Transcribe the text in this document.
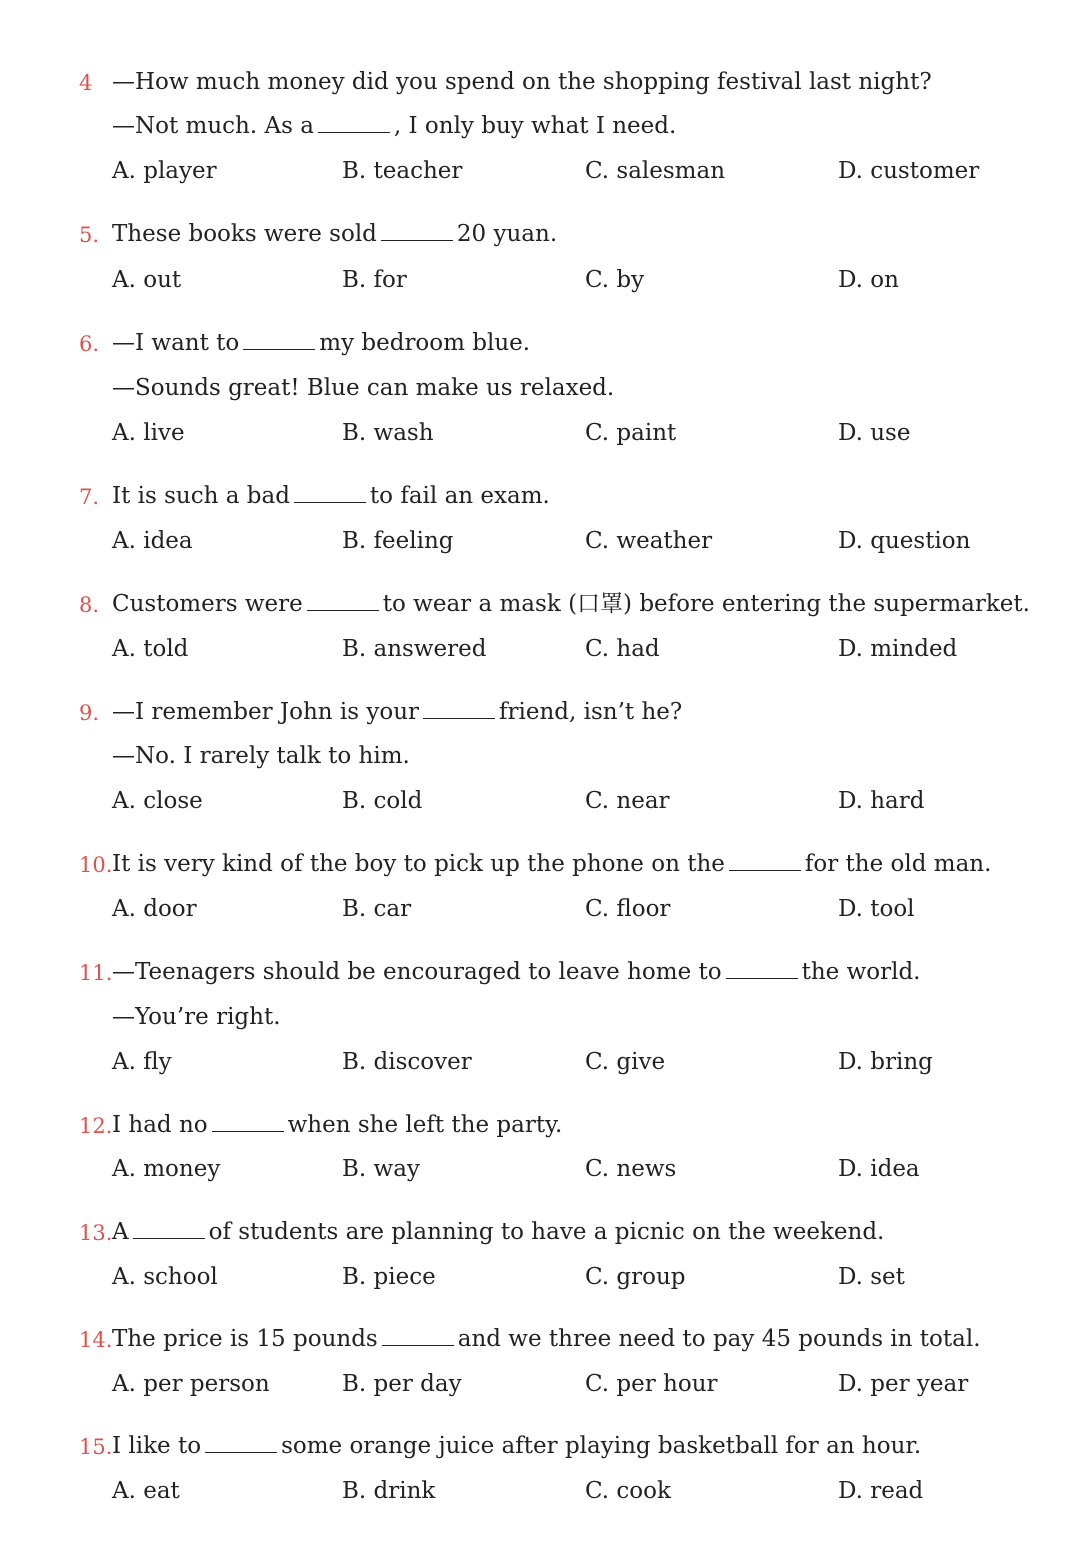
4 —How much money did you spend on the shopping festival last night?
—Not much. As a	, I only buy what I need.
A. player	B. teacher	C. salesman	D. customer
5. These books were sold	20 yuan.
A. out	B. for	C. by	D. on
6. —I want to	my bedroom blue.
—Sounds great! Blue can make us relaxed.
A. live	B. wash	C. paint	D. use
7. It is such a bad	to fail an exam.
A. idea	B. feeling	C. weather	D. question
8. Customers were	to wear a mask (口罩) before entering the supermarket.
A. told	B. answered	C. had	D. minded
9. —I remember John is your	friend, isn’t he?
—No. I rarely talk to him.
A. close	B. cold	C. near	D. hard
10. It is very kind of the boy to pick up the phone on the	for the old man.
A. door	B. car	C. floor	D. tool
11. —Teenagers should be encouraged to leave home to	the world.
—You’re right.
A. fly	B. discover	C. give	D. bring
12. I had no	when she left the party.
A. money	B. way	C. news	D. idea
13. A	of students are planning to have a picnic on the weekend.
A. school	B. piece	C. group	D. set
14. The price is 15 pounds	and we three need to pay 45 pounds in total.
A. per person	B. per day	C. per hour	D. per year
15. I like to	some orange juice after playing basketball for an hour.
A. eat	B. drink	C. cook	D. read
